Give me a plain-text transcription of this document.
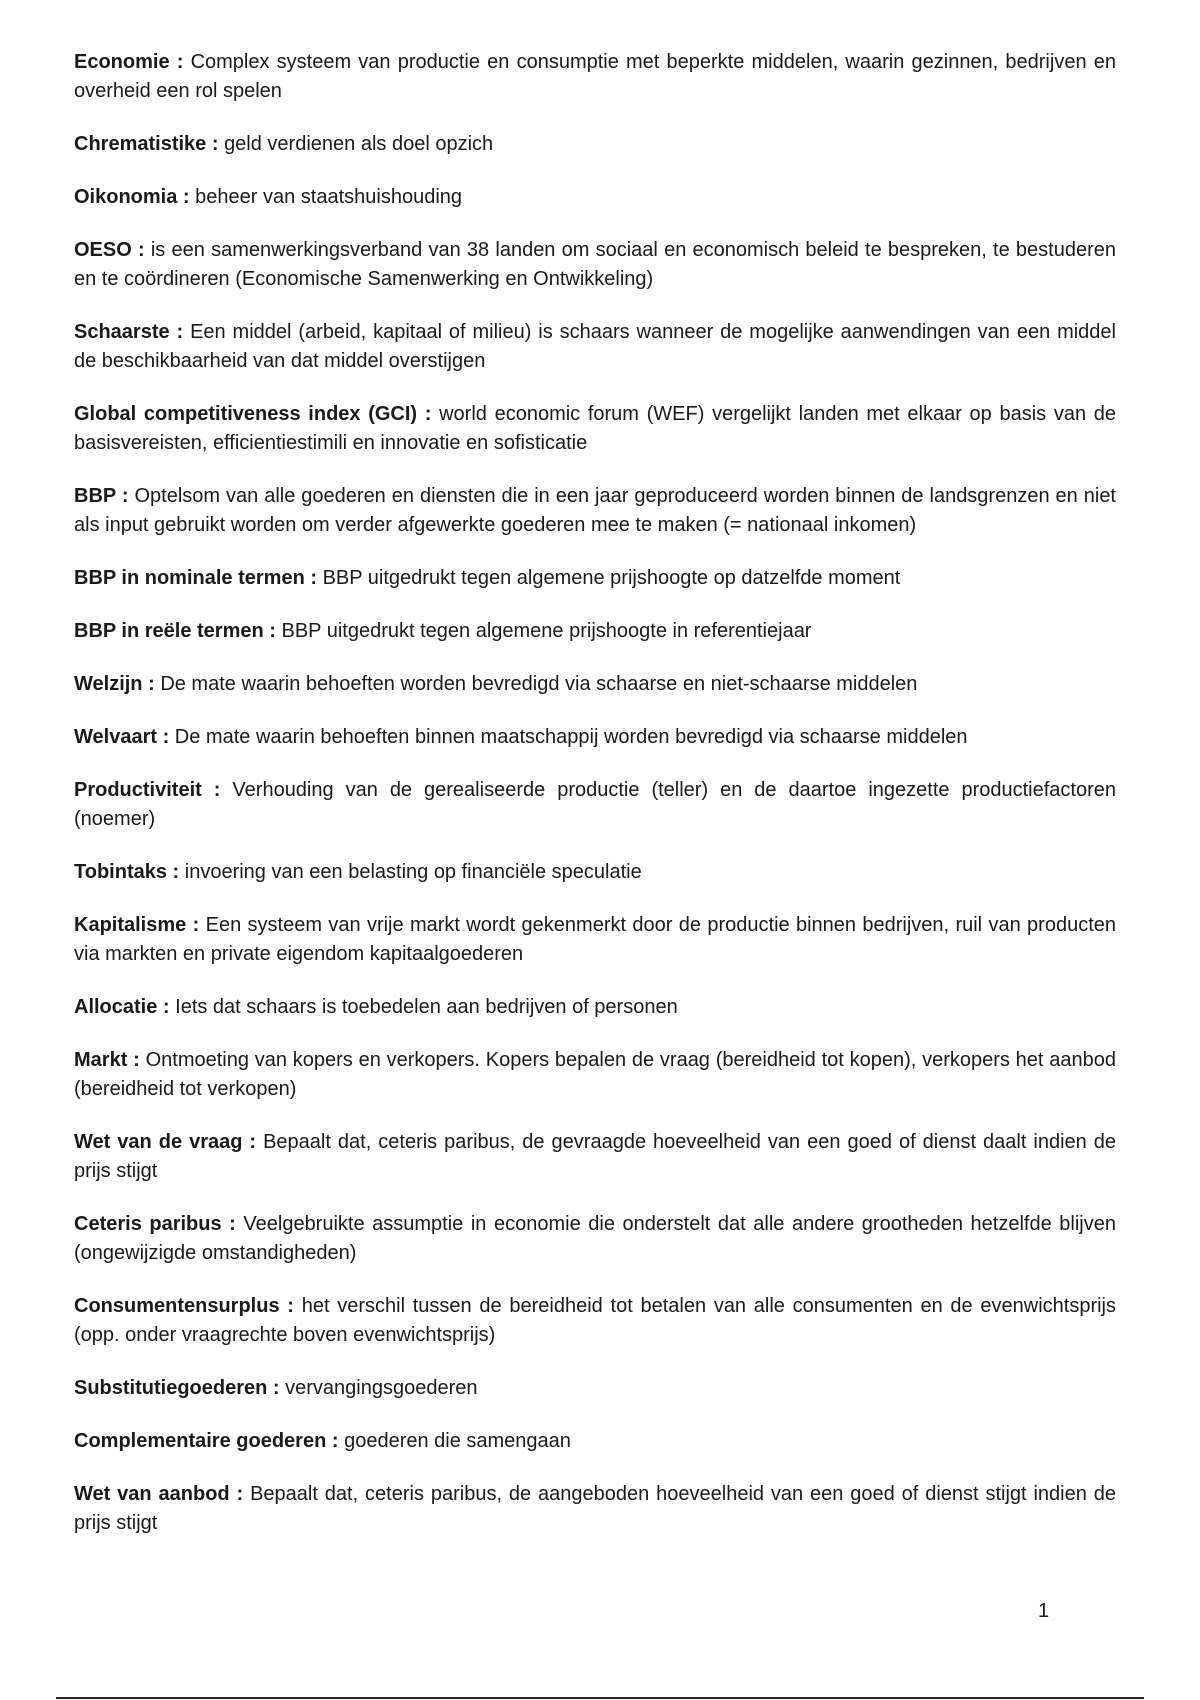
Economie : Complex systeem van productie en consumptie met beperkte middelen, waarin gezinnen, bedrijven en overheid een rol spelen

Chrematistike : geld verdienen als doel opzich

Oikonomia : beheer van staatshuishouding

OESO : is een samenwerkingsverband van 38 landen om sociaal en economisch beleid te bespreken, te bestuderen en te coördineren (Economische Samenwerking en Ontwikkeling)

Schaarste : Een middel (arbeid, kapitaal of milieu) is schaars wanneer de mogelijke aanwendingen van een middel de beschikbaarheid van dat middel overstijgen

Global competitiveness index (GCI) : world economic forum (WEF) vergelijkt landen met elkaar op basis van de basisvereisten, efficientiestimili en innovatie en sofisticatie

BBP : Optelsom van alle goederen en diensten die in een jaar geproduceerd worden binnen de landsgrenzen en niet als input gebruikt worden om verder afgewerkte goederen mee te maken (= nationaal inkomen)

BBP in nominale termen : BBP uitgedrukt tegen algemene prijshoogte op datzelfde moment

BBP in reële termen : BBP uitgedrukt tegen algemene prijshoogte in referentiejaar

Welzijn : De mate waarin behoeften worden bevredigd via schaarse en niet-schaarse middelen

Welvaart : De mate waarin behoeften binnen maatschappij worden bevredigd via schaarse middelen

Productiviteit : Verhouding van de gerealiseerde productie (teller) en de daartoe ingezette productiefactoren (noemer)

Tobintaks : invoering van een belasting op financiële speculatie

Kapitalisme : Een systeem van vrije markt wordt gekenmerkt door de productie binnen bedrijven, ruil van producten via markten en private eigendom kapitaalgoederen

Allocatie : Iets dat schaars is toebedelen aan bedrijven of personen

Markt : Ontmoeting van kopers en verkopers. Kopers bepalen de vraag (bereidheid tot kopen), verkopers het aanbod (bereidheid tot verkopen)

Wet van de vraag : Bepaalt dat, ceteris paribus, de gevraagde hoeveelheid van een goed of dienst daalt indien de prijs stijgt

Ceteris paribus : Veelgebruikte assumptie in economie die onderstelt dat alle andere grootheden hetzelfde blijven (ongewijzigde omstandigheden)

Consumentensurplus : het verschil tussen de bereidheid tot betalen van alle consumenten en de evenwichtsprijs (opp. onder vraagrechte boven evenwichtsprijs)

Substitutiegoederen : vervangingsgoederen

Complementaire goederen : goederen die samengaan

Wet van aanbod : Bepaalt dat, ceteris paribus, de aangeboden hoeveelheid van een goed of dienst stijgt indien de prijs stijgt

1
